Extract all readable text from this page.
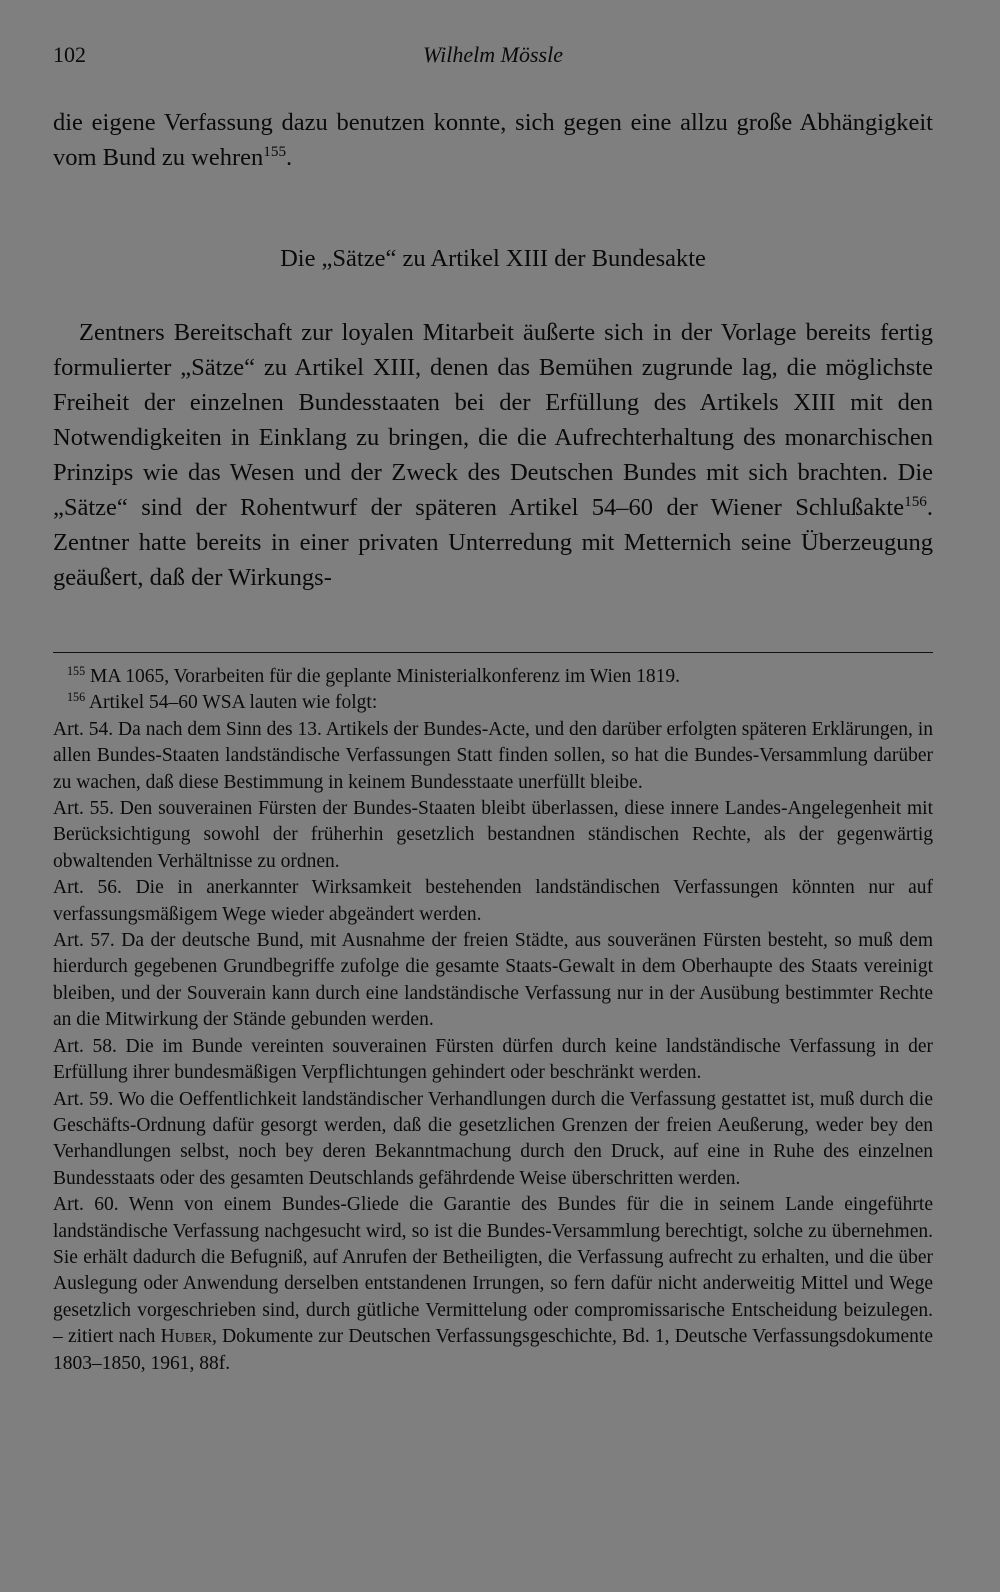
102	Wilhelm Mössle

die eigene Verfassung dazu benutzen konnte, sich gegen eine allzu große Abhängigkeit vom Bund zu wehren$^{155}$.

Die „Sätze“ zu Artikel XIII der Bundesakte

Zentners Bereitschaft zur loyalen Mitarbeit äußerte sich in der Vorlage bereits fertig formulierter „Sätze“ zu Artikel XIII, denen das Bemühen zugrunde lag, die möglichste Freiheit der einzelnen Bundesstaaten bei der Erfüllung des Artikels XIII mit den Notwendigkeiten in Einklang zu bringen, die die Aufrechterhaltung des monarchischen Prinzips wie das Wesen und der Zweck des Deutschen Bundes mit sich brachten. Die „Sätze“ sind der Rohentwurf der späteren Artikel 54–60 der Wiener Schlußakte$^{156}$. Zentner hatte bereits in einer privaten Unterredung mit Metternich seine Überzeugung geäußert, daß der Wirkungs-

$^{155}$ MA 1065, Vorarbeiten für die geplante Ministerialkonferenz im Wien 1819.

$^{156}$ Artikel 54–60 WSA lauten wie folgt:

Art. 54. Da nach dem Sinn des 13. Artikels der Bundes-Acte, und den darüber erfolgten späteren Erklärungen, in allen Bundes-Staaten landständische Verfassungen Statt finden sollen, so hat die Bundes-Versammlung darüber zu wachen, daß diese Bestimmung in keinem Bundesstaate unerfüllt bleibe.

Art. 55. Den souverainen Fürsten der Bundes-Staaten bleibt überlassen, diese innere Landes-Angelegenheit mit Berücksichtigung sowohl der früherhin gesetzlich bestandnen ständischen Rechte, als der gegenwärtig obwaltenden Verhältnisse zu ordnen.

Art. 56. Die in anerkannter Wirksamkeit bestehenden landständischen Verfassungen könnten nur auf verfassungsmäßigem Wege wieder abgeändert werden.

Art. 57. Da der deutsche Bund, mit Ausnahme der freien Städte, aus souveränen Fürsten besteht, so muß dem hierdurch gegebenen Grundbegriffe zufolge die gesamte Staats-Gewalt in dem Oberhaupte des Staats vereinigt bleiben, und der Souverain kann durch eine landständische Verfassung nur in der Ausübung bestimmter Rechte an die Mitwirkung der Stände gebunden werden.

Art. 58. Die im Bunde vereinten souverainen Fürsten dürfen durch keine landständische Verfassung in der Erfüllung ihrer bundesmäßigen Verpflichtungen gehindert oder beschränkt werden.

Art. 59. Wo die Oeffentlichkeit landständischer Verhandlungen durch die Verfassung gestattet ist, muß durch die Geschäfts-Ordnung dafür gesorgt werden, daß die gesetzlichen Grenzen der freien Aeußerung, weder bey den Verhandlungen selbst, noch bey deren Bekanntmachung durch den Druck, auf eine in Ruhe des einzelnen Bundesstaats oder des gesamten Deutschlands gefährdende Weise überschritten werden.

Art. 60. Wenn von einem Bundes-Gliede die Garantie des Bundes für die in seinem Lande eingeführte landständische Verfassung nachgesucht wird, so ist die Bundes-Versammlung berechtigt, solche zu übernehmen. Sie erhält dadurch die Befugniß, auf Anrufen der Betheiligten, die Verfassung aufrecht zu erhalten, und die über Auslegung oder Anwendung derselben entstandenen Irrungen, so fern dafür nicht anderweitig Mittel und Wege gesetzlich vorgeschrieben sind, durch gütliche Vermittelung oder compromissarische Entscheidung beizulegen. – zitiert nach Huber, Dokumente zur Deutschen Verfassungsgeschichte, Bd. 1, Deutsche Verfassungsdokumente 1803–1850, 1961, 88f.
